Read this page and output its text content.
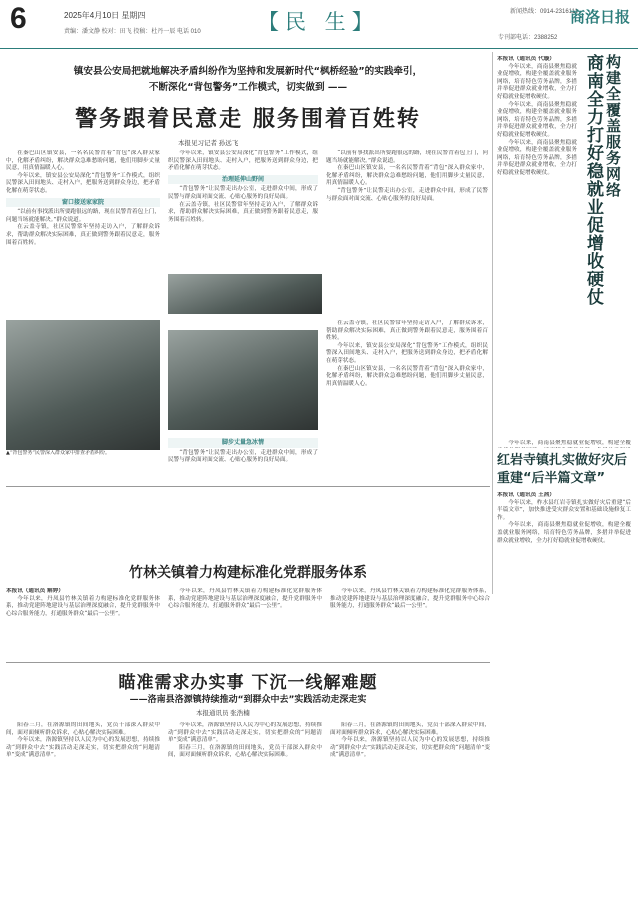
6	2025年4月10日 星期四
责编：潘文静 校对：田飞 投稿：杜丹一辰 电话 010	【民 生】	新闻热线：0914-2316111
商洛日报
专刊部电话：2388252
镇安县公安局把就地解决矛盾纠纷作为坚持和发展新时代“枫桥经验”的实践牵引，
不断深化“背包警务”工作模式，切实做到 ——
警务跟着民意走 服务围着百姓转
本报见习记者 孙远飞

在秦巴山区镇安县，一名名民警背着“背包”深入群众家中，化解矛盾纠纷，解决群众急难愁盼问题，他们用脚步丈量民意，用真情温暖人心。

今年以来，镇安县公安局深化“背包警务”工作模式，组织民警深入田间地头、走村入户，把服务送到群众身边，把矛盾化解在萌芽状态。

窗口接送家家院

“以前有事找派出所要跑很远的路，现在民警背着包上门，问题当场就能解决。”群众说道。

在云盖寺镇，社区民警常年坚持走访入户，了解群众诉求，帮助群众解决实际困难，真正做到警务跟着民意走，服务围着百姓转。

今年以来，镇安县公安局深化“背包警务”工作模式，组织民警深入田间地头、走村入户，把服务送到群众身边，把矛盾化解在萌芽状态。

治理延伸山野间

“背包警务”让民警走出办公室，走进群众中间，形成了民警与群众面对面交流、心贴心服务的良好局面。

在云盖寺镇，社区民警常年坚持走访入户，了解群众诉求，帮助群众解决实际困难，真正做到警务跟着民意走，服务围着百姓转。

“以前有事找派出所要跑很远的路，现在民警背着包上门，问题当场就能解决。”群众说道。

在秦巴山区镇安县，一名名民警背着“背包”深入群众家中，化解矛盾纠纷，解决群众急难愁盼问题，他们用脚步丈量民意，用真情温暖人心。

“背包警务”让民警走出办公室，走进群众中间，形成了民警与群众面对面交流、心贴心服务的良好局面。

▲“背包警务”民警深入群众家中排查矛盾纠纷。
脚步丈量急冰情

“背包警务”让民警走出办公室，走进群众中间，形成了民警与群众面对面交流、心贴心服务的良好局面。

在云盖寺镇，社区民警常年坚持走访入户，了解群众诉求，帮助群众解决实际困难，真正做到警务跟着民意走，服务围着百姓转。

今年以来，镇安县公安局深化“背包警务”工作模式，组织民警深入田间地头、走村入户，把服务送到群众身边，把矛盾化解在萌芽状态。

在秦巴山区镇安县，一名名民警背着“背包”深入群众家中，化解矛盾纠纷，解决群众急难愁盼问题，他们用脚步丈量民意，用真情温暖人心。

构建全覆盖服务网络
商南全力打好稳就业促增收硬仗
本报讯（通讯员 代璇）

今年以来，商南县聚焦稳就业促增收，构建全覆盖就业服务网络，培育特色劳务品牌，多措并举促进群众就业增收，全力打好稳就业促增收硬仗。

今年以来，商南县聚焦稳就业促增收，构建全覆盖就业服务网络，培育特色劳务品牌，多措并举促进群众就业增收，全力打好稳就业促增收硬仗。

今年以来，商南县聚焦稳就业促增收，构建全覆盖就业服务网络，培育特色劳务品牌，多措并举促进群众就业增收，全力打好稳就业促增收硬仗。

今年以来，商南县聚焦稳就业促增收，构建全覆

红岩寺镇扎实做好灾后重建“后半篇文章”
本报讯（通讯员 王茜）

今年以来，柞水县红岩寺镇扎实做好灾后重建“后半篇文章”，加快推进受灾群众安置和基础设施修复工作。

今年以来，商南县聚焦稳就业促增收，构建全覆盖就业服务网络，培育特色劳务品牌，多措并举促进群众就业增收，全力打好稳就业促增收硬仗。

竹林关镇着力构建标准化党群服务体系
本报讯（通讯员 解婷）

今年以来，丹凤县竹林关镇着力构建标准化党群服务体系，推动党建阵地建设与基层治理深度融合，提升党群服务中心综合服务能力，打通服务群众“最后一公里”。

今年以来，丹凤县竹林关镇着力构建标准化党群服务体系，推动党建阵地建设与基层治理深度融合，提升党群服务中心综合服务能力，打通服务群众“最后一公里”。

今年以来，丹凤县竹林关镇着力构建标准化党群服务体系，推动党建阵地建设与基层治理深度融合，提升党群服务中心综合服务能力，打通服务群众“最后一公里”。

瞄准需求办实事 下沉一线解难题
——洛南县洛源镇持续推动“到群众中去”实践活动走深走实
本报通讯员 张浩楠

阳春三月，在洛源镇的田间地头，党员干部深入群众中间，面对面倾听群众诉求，心贴心解决实际困难。

今年以来，洛源镇坚持以人民为中心的发展思想，持续推动“到群众中去”实践活动走深走实，切实把群众的“问题清单”变成“满意清单”。

今年以来，洛源镇坚持以人民为中心的发展思想，持续推动“到群众中去”实践活动走深走实，切实把群众的“问题清单”变成“满意清单”。

阳春三月，在洛源镇的田间地头，党员干部深入群众中间，面对面倾听群众诉求，心贴心解决实际困难。

阳春三月，在洛源镇的田间地头，党员干部深入群众中间，面对面倾听群众诉求，心贴心解决实际困难。

今年以来，洛源镇坚持以人民为中心的发展思想，持续推动“到群众中去”实践活动走深走实，切实把群众的“问题清单”变成“满意清单”。
